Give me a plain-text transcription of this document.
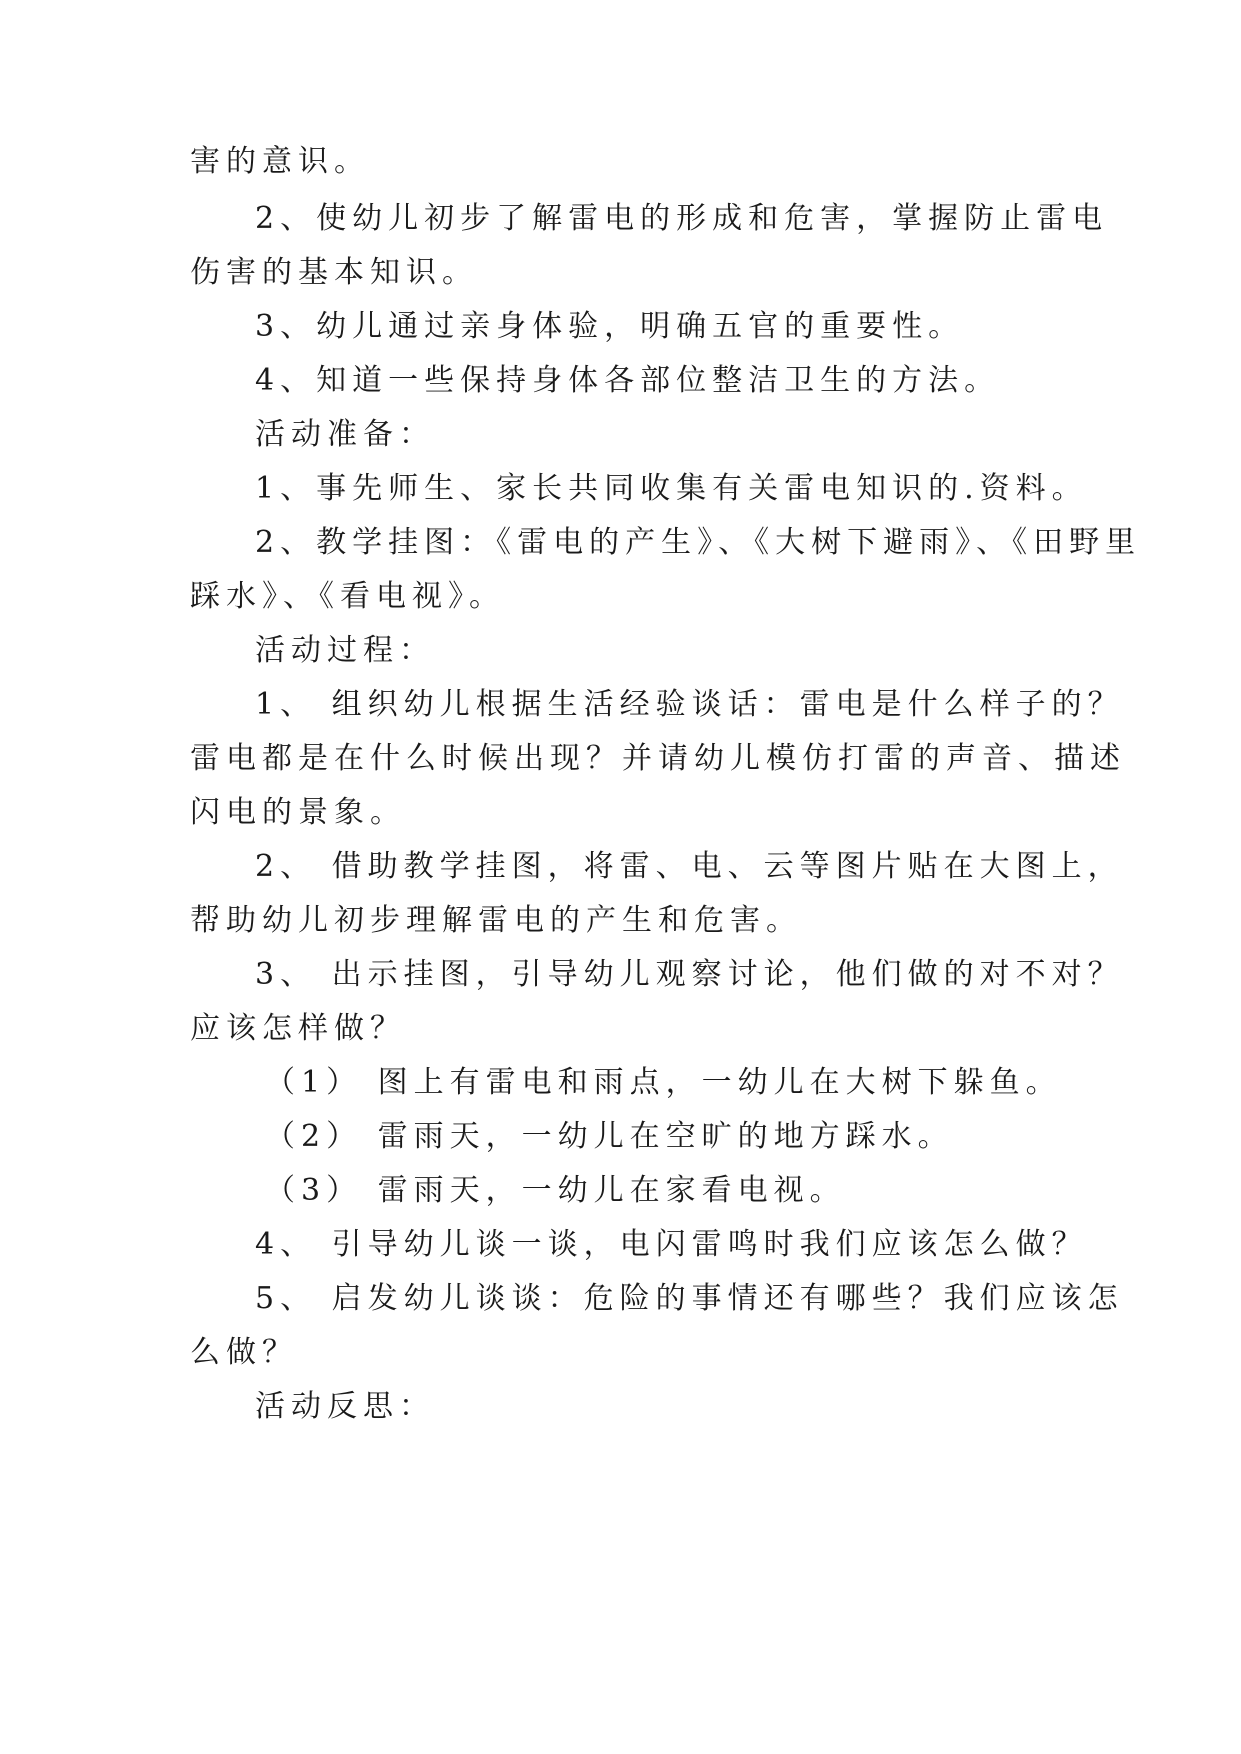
害的意识。
2、使幼儿初步了解雷电的形成和危害，掌握防止雷电
伤害的基本知识。
3、幼儿通过亲身体验，明确五官的重要性。
4、知道一些保持身体各部位整洁卫生的方法。
活动准备：
1、事先师生、家长共同收集有关雷电知识的.资料。
2、教学挂图：《雷电的产生》、《大树下避雨》、《田野里
踩水》、《看电视》。
活动过程：
1、 组织幼儿根据生活经验谈话：雷电是什么样子的？
雷电都是在什么时候出现？并请幼儿模仿打雷的声音、描述
闪电的景象。
2、 借助教学挂图，将雷、电、云等图片贴在大图上，
帮助幼儿初步理解雷电的产生和危害。
3、 出示挂图，引导幼儿观察讨论，他们做的对不对？
应该怎样做？
（1） 图上有雷电和雨点，一幼儿在大树下躲鱼。
（2） 雷雨天，一幼儿在空旷的地方踩水。
（3） 雷雨天，一幼儿在家看电视。
4、 引导幼儿谈一谈，电闪雷鸣时我们应该怎么做？
5、 启发幼儿谈谈：危险的事情还有哪些？我们应该怎
么做？
活动反思：
